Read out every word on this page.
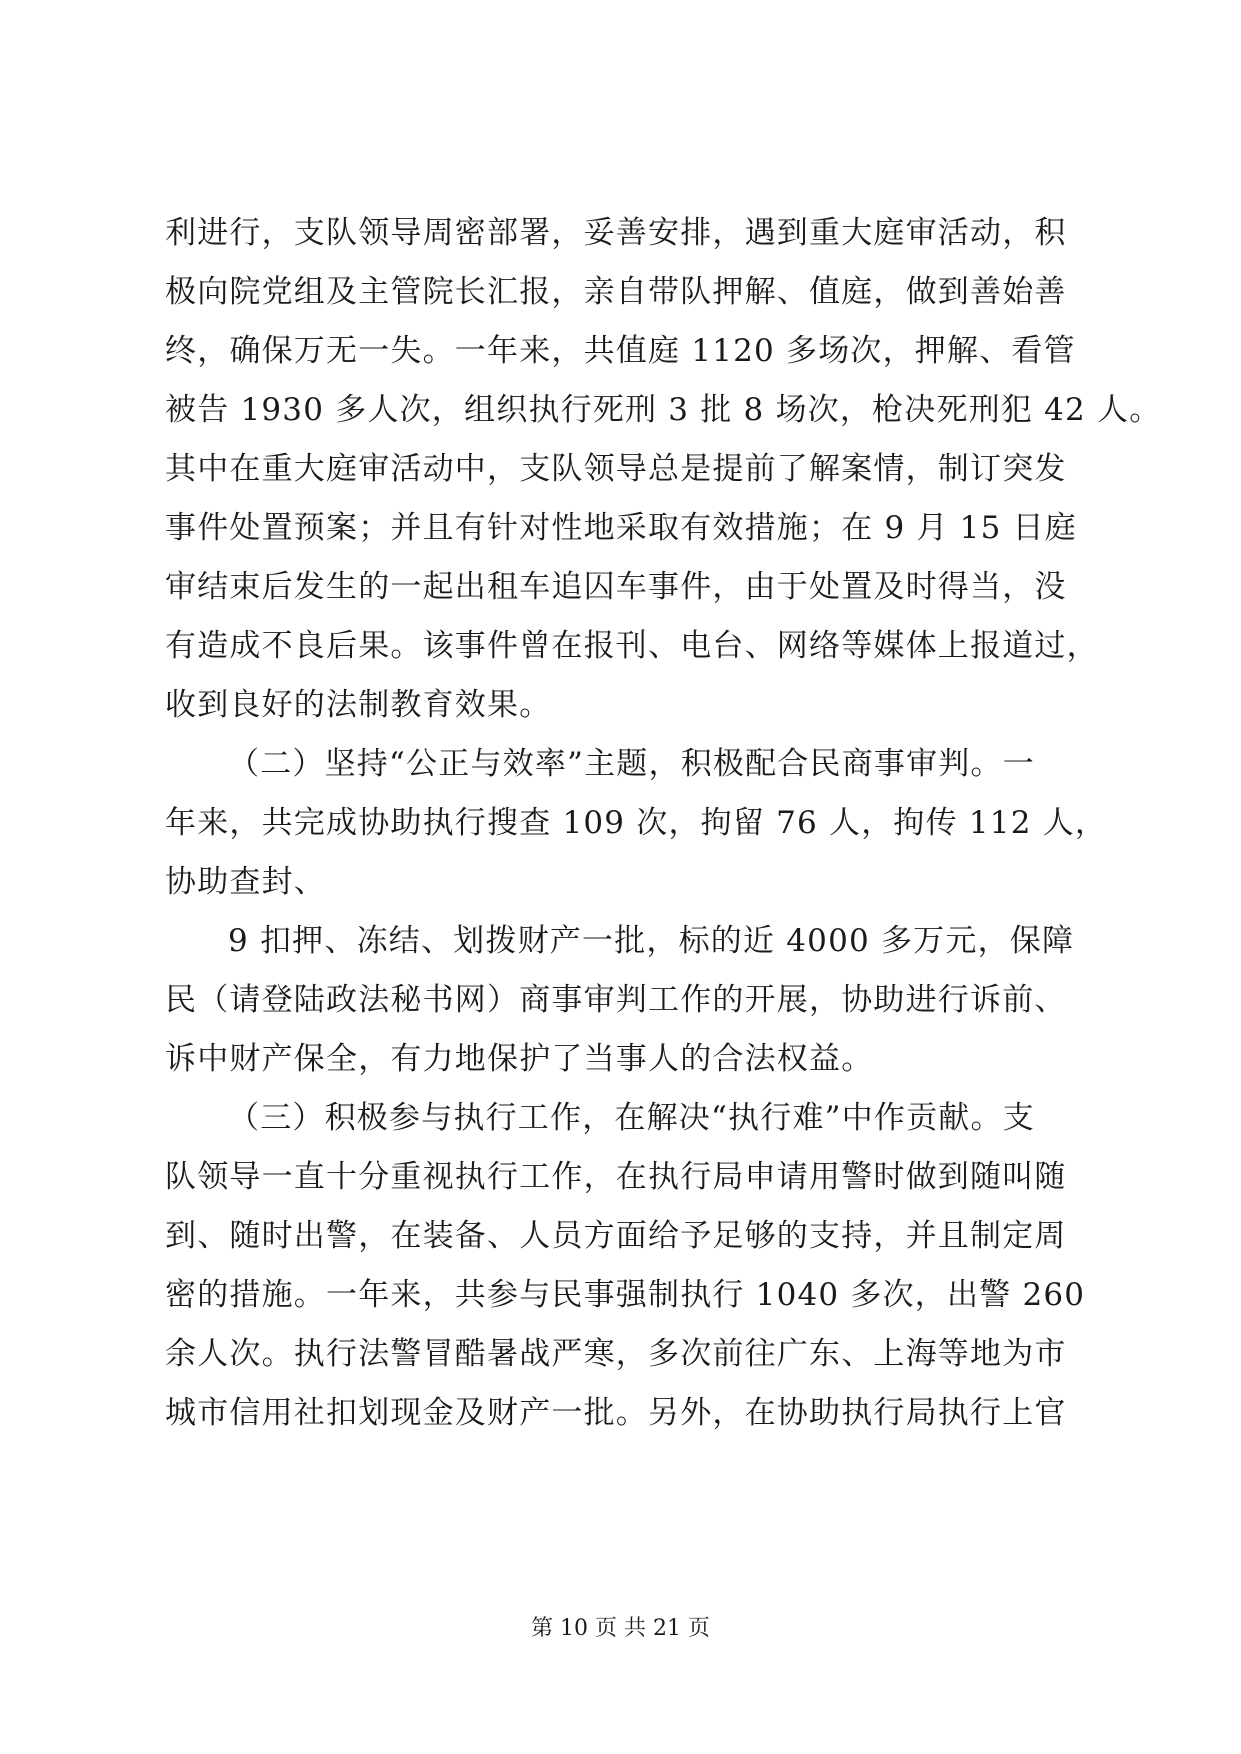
利进行，支队领导周密部署，妥善安排，遇到重大庭审活动，积
极向院党组及主管院长汇报，亲自带队押解、值庭，做到善始善
终，确保万无一失。一年来，共值庭 1120 多场次，押解、看管
被告 1930 多人次，组织执行死刑 3 批 8 场次，枪决死刑犯 42 人。
其中在重大庭审活动中，支队领导总是提前了解案情，制订突发
事件处置预案；并且有针对性地采取有效措施；在 9 月 15 日庭
审结束后发生的一起出租车追囚车事件，由于处置及时得当，没
有造成不良后果。该事件曾在报刊、电台、网络等媒体上报道过，
收到良好的法制教育效果。
（二）坚持“公正与效率”主题，积极配合民商事审判。一
年来，共完成协助执行搜查 109 次，拘留 76 人，拘传 112 人，
协助查封、
9 扣押、冻结、划拨财产一批，标的近 4000 多万元，保障
民（请登陆政法秘书网）商事审判工作的开展，协助进行诉前、
诉中财产保全，有力地保护了当事人的合法权益。
（三）积极参与执行工作，在解决“执行难”中作贡献。支
队领导一直十分重视执行工作，在执行局申请用警时做到随叫随
到、随时出警，在装备、人员方面给予足够的支持，并且制定周
密的措施。一年来，共参与民事强制执行 1040 多次，出警 260
余人次。执行法警冒酷暑战严寒，多次前往广东、上海等地为市
城市信用社扣划现金及财产一批。另外，在协助执行局执行上官
第 10 页 共 21 页
